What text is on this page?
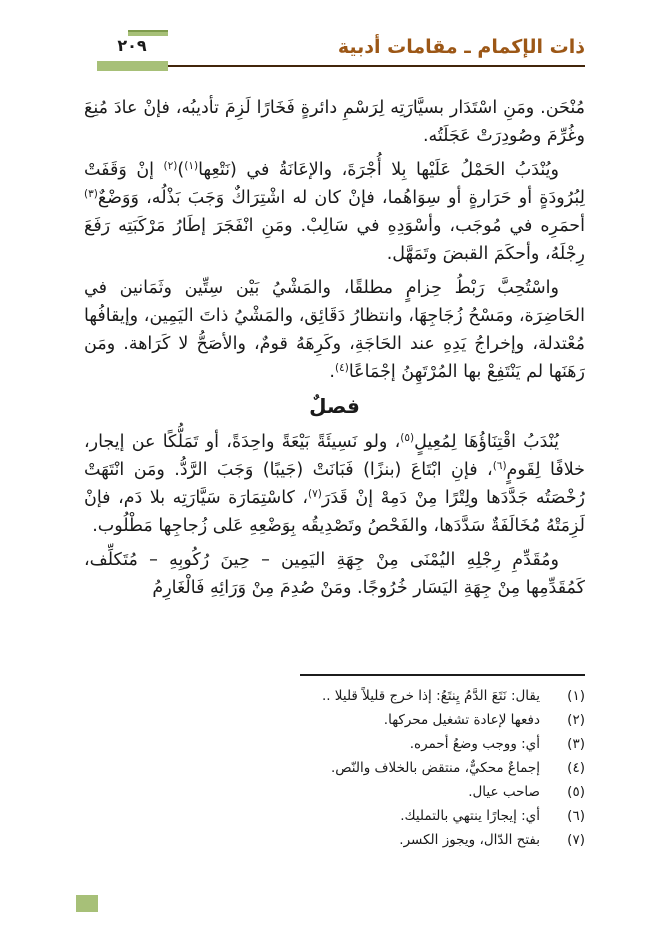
٢٠٩	ذات الإكمام ـ مقامات أدبية

مُنْحَن. ومَنِ اسْتَدَار بسيَّارَتِه لِرَسْمِ دائرةٍ فَخَارًا لَزِمَ تأديبُه، فإنْ عادَ مُنِعَ وغُرِّمَ وصُودِرَتْ عَجَلَتُه.

ويُنْدَبُ الحَمْلُ عَلَيْها بِلا أُجْرَةَ، والإعَانَةُ في (نَتْعِها$^{(١)}$)$^{(٢)}$ إنْ وَقَفَتْ لِبُرُودَةٍ أو حَرَارةٍ أو سِوَاهُما، فإنْ كان له اشْتِرَاكٌ وَجَبَ بَذْلُه، وَوَضْعٌ$^{(٣)}$ أحمَرِه في مُوجَب، وأسْوَدِهِ في سَالِبْ. ومَنِ انْفَجَرَ إطَارُ مَرْكَبَتِه رَفَعَ رِجْلَهُ، وأحكَمَ القبضَ وتَمَهَّل.

واسْتُحِبَّ رَبْطُ حِزامٍ مطلقًا، والمَشْيُ بَيْن سِتِّين وثَمَانين في الحَاضِرَة، ومَسْحُ زُجَاجِهَا، وانتظارُ دَقَائِق، والمَشْيُ ذاتَ اليَمِين، وإيقافُها مُعْتدلة، وإخراجُ يَدِهِ عند الحَاجَةِ، وكَرِهَهُ قومٌ، والأصَحُّ لا كَرَاهة. ومَن رَهَنَها لم يَنْتَفِعْ بها المُرْتَهِنُ إجْمَاعًا$^{(٤)}$.

فصلٌ

يُنْدَبُ اقْتِنَاؤُهَا لِمُعِيلٍ$^{(٥)}$، ولو نَسِيئَةً بَيْعَةً واحِدَةً، أو تَمَلُّكًا عن إيجار، خلافًا لِقَومٍ$^{(٦)}$، فإنِ ابْتَاعَ (بنزًا) فَبَانَتْ (جَيبًا) وَجَبَ الرَّدُّ. ومَن انْتَهَتْ رُخْصَتُه جَدَّدَها ولِتْرًا مِنْ دَمِهْ إنْ قَدَرَ$^{(٧)}$، كاسْتِمَارَة سَيَّارَتِه بلا دَم، فإنْ لَزِمَتْهُ مُخَالَفَةٌ سَدَّدَها، والفَحْصُ وتَصْدِيقُه بِوَضْعِهِ عَلى زُجاجِها مَطْلُوب.

ومُقَدِّمِ رِجْلِهِ اليُمْنَى مِنْ جِهَةِ اليَمِين – حِينَ رُكُوبِهِ – مُتَكلِّف، كَمُقَدِّمِها مِنْ جِهَةِ اليَسَار خُرُوجًا. ومَنْ صُدِمَ مِنْ وَرَائِهِ فَالْغَارِمُ

(١)
يقال: نَتَعَ الدَّمُ يِنتَعُ: إذا خرج قليلاً قليلا ..
(٢)
دفعها لإعادة تشغيل محركها.
(٣)
أي: ووجب وضعُ أحمره.
(٤)
إجماعٌ محكيٌّ، منتقض بالخلاف والنّص.
(٥)
صاحب عيال.
(٦)
أي: إيجارًا ينتهي بالتمليك.
(٧)
بفتح الدّال، ويجوز الكسر.
